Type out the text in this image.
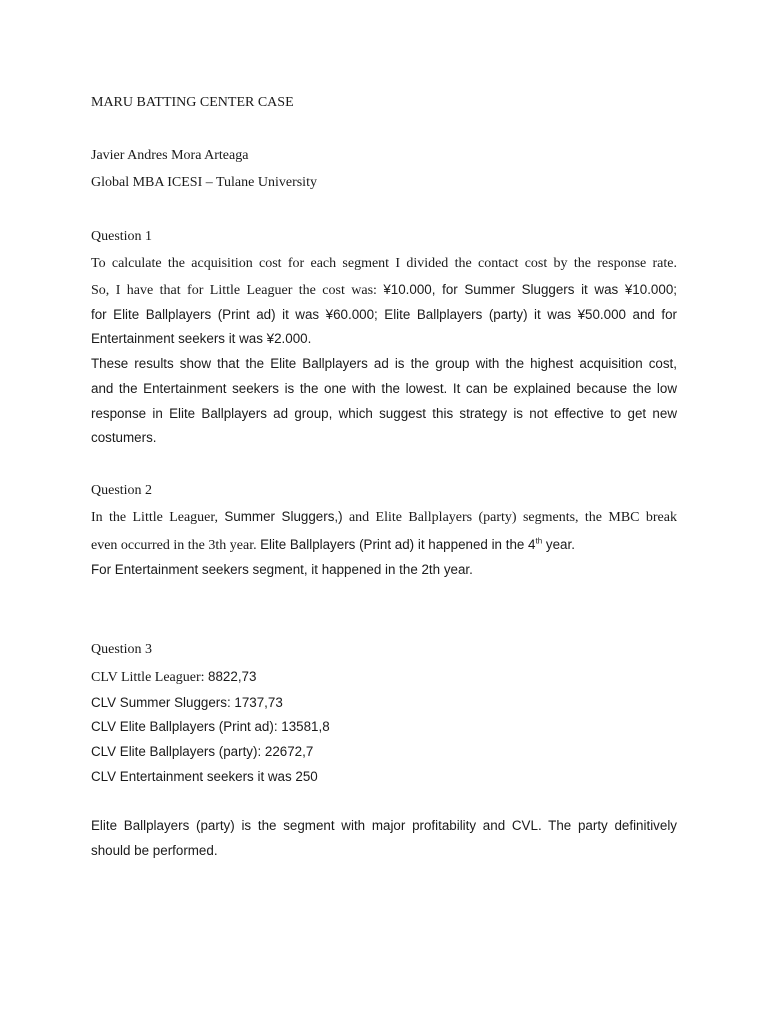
MARU BATTING CENTER CASE
Javier Andres Mora Arteaga
Global MBA ICESI – Tulane University
Question 1
To calculate the acquisition cost for each segment I divided the contact cost by the response rate.
So, I have that for Little Leaguer the cost was: ¥10.000, for Summer Sluggers it was ¥10.000;
for Elite Ballplayers (Print ad) it was ¥60.000; Elite Ballplayers (party) it was ¥50.000 and for
Entertainment seekers it was ¥2.000.
These results show that the Elite Ballplayers ad is the group with the highest acquisition cost,
and the Entertainment seekers is the one with the lowest. It can be explained because the low
response in Elite Ballplayers ad group, which suggest this strategy is not effective to get new
costumers.
Question 2
In the Little Leaguer, Summer Sluggers,) and Elite Ballplayers (party) segments, the MBC break
even occurred in the 3th year. Elite Ballplayers (Print ad) it happened in the 4th year.
For Entertainment seekers segment, it happened in the 2th year.
Question 3
CLV Little Leaguer: 8822,73
CLV Summer Sluggers: 1737,73
CLV Elite Ballplayers (Print ad): 13581,8
CLV Elite Ballplayers (party): 22672,7
CLV Entertainment seekers it was 250
Elite Ballplayers (party) is the segment with major profitability and CVL. The party definitively
should be performed.
